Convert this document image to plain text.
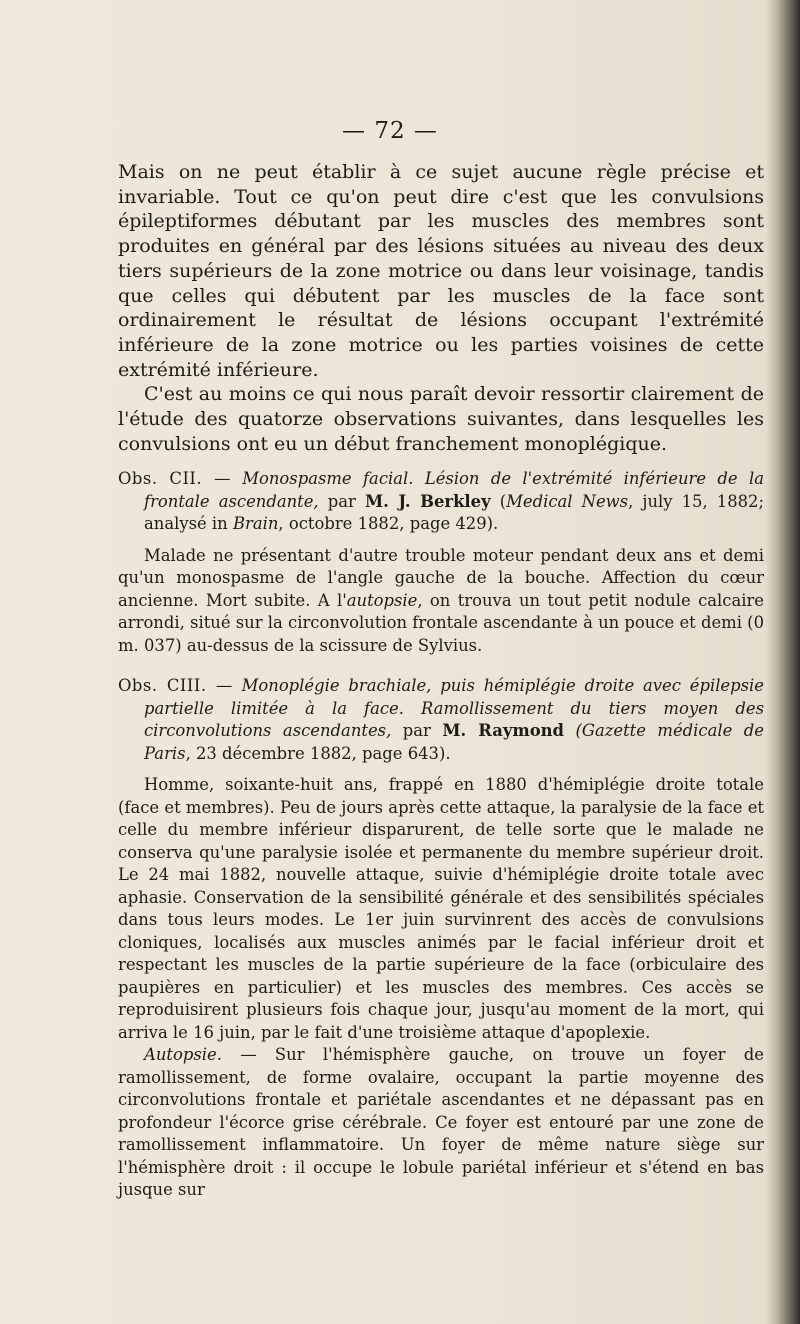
— 72 —

Mais on ne peut établir à ce sujet aucune règle précise et invariable. Tout ce qu'on peut dire c'est que les convulsions épileptiformes débutant par les muscles des membres sont produites en général par des lésions situées au niveau des deux tiers supérieurs de la zone motrice ou dans leur voisinage, tandis que celles qui débutent par les muscles de la face sont ordinairement le résultat de lésions occupant l'extrémité inférieure de la zone motrice ou les parties voisines de cette extrémité inférieure.

C'est au moins ce qui nous paraît devoir ressortir clairement de l'étude des quatorze observations suivantes, dans lesquelles les convulsions ont eu un début franchement monoplégique.

Obs. CII. — Monospasme facial. Lésion de l'extrémité inférieure de la frontale ascendante, par M. J. Berkley (Medical News, july 15, 1882; analysé in Brain, octobre 1882, page 429).

Malade ne présentant d'autre trouble moteur pendant deux ans et demi qu'un monospasme de l'angle gauche de la bouche. Affection du cœur ancienne. Mort subite. A l'autopsie, on trouva un tout petit nodule calcaire arrondi, situé sur la circonvolution frontale ascendante à un pouce et demi (0 m. 037) au-dessus de la scissure de Sylvius.

Obs. CIII. — Monoplégie brachiale, puis hémiplégie droite avec épilepsie partielle limitée à la face. Ramollissement du tiers moyen des circonvolutions ascendantes, par M. Raymond (Gazette médicale de Paris, 23 décembre 1882, page 643).

Homme, soixante-huit ans, frappé en 1880 d'hémiplégie droite totale (face et membres). Peu de jours après cette attaque, la paralysie de la face et celle du membre inférieur disparurent, de telle sorte que le malade ne conserva qu'une paralysie isolée et permanente du membre supérieur droit. Le 24 mai 1882, nouvelle attaque, suivie d'hémiplégie droite totale avec aphasie. Conservation de la sensibilité générale et des sensibilités spéciales dans tous leurs modes. Le 1er juin survinrent des accès de convulsions cloniques, localisés aux muscles animés par le facial inférieur droit et respectant les muscles de la partie supérieure de la face (orbiculaire des paupières en particulier) et les muscles des membres. Ces accès se reproduisirent plusieurs fois chaque jour, jusqu'au moment de la mort, qui arriva le 16 juin, par le fait d'une troisième attaque d'apoplexie.

Autopsie. — Sur l'hémisphère gauche, on trouve un foyer de ramollissement, de forme ovalaire, occupant la partie moyenne des circonvolutions frontale et pariétale ascendantes et ne dépassant pas en profondeur l'écorce grise cérébrale. Ce foyer est entouré par une zone de ramollissement inflammatoire. Un foyer de même nature siège sur l'hémisphère droit : il occupe le lobule pariétal inférieur et s'étend en bas jusque sur
